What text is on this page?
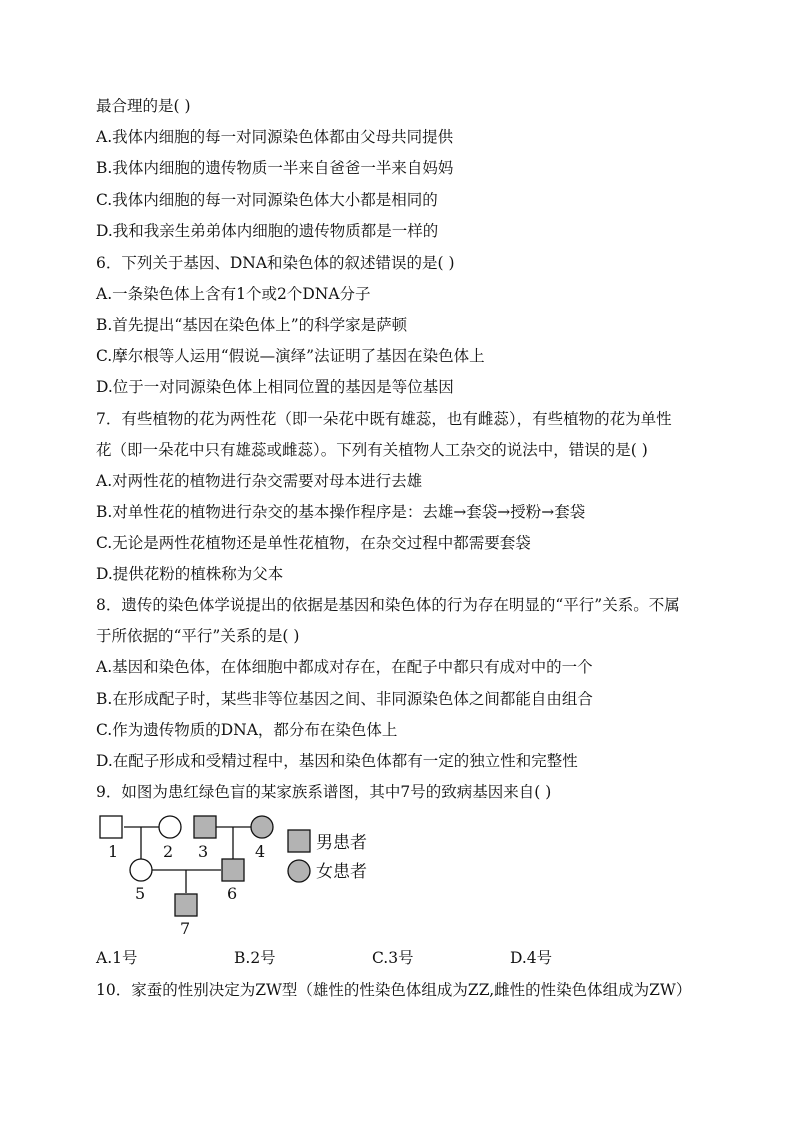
最合理的是( )
A.我体内细胞的每一对同源染色体都由父母共同提供
B.我体内细胞的遗传物质一半来自爸爸一半来自妈妈
C.我体内细胞的每一对同源染色体大小都是相同的
D.我和我亲生弟弟体内细胞的遗传物质都是一样的
6．下列关于基因、DNA和染色体的叙述错误的是( )
A.一条染色体上含有1个或2个DNA分子
B.首先提出“基因在染色体上”的科学家是萨顿
C.摩尔根等人运用“假说—演绎”法证明了基因在染色体上
D.位于一对同源染色体上相同位置的基因是等位基因
7．有些植物的花为两性花（即一朵花中既有雄蕊，也有雌蕊），有些植物的花为单性
花（即一朵花中只有雄蕊或雌蕊）。下列有关植物人工杂交的说法中，错误的是( )
A.对两性花的植物进行杂交需要对母本进行去雄
B.对单性花的植物进行杂交的基本操作程序是：去雄→套袋→授粉→套袋
C.无论是两性花植物还是单性花植物，在杂交过程中都需要套袋
D.提供花粉的植株称为父本
8．遗传的染色体学说提出的依据是基因和染色体的行为存在明显的“平行”关系。不属
于所依据的“平行”关系的是( )
A.基因和染色体，在体细胞中都成对存在，在配子中都只有成对中的一个
B.在形成配子时，某些非等位基因之间、非同源染色体之间都能自由组合
C.作为遗传物质的DNA，都分布在染色体上
D.在配子形成和受精过程中，基因和染色体都有一定的独立性和完整性
9．如图为患红绿色盲的某家族系谱图，其中7号的致病基因来自( )
1	2 3	4
5	6
7
男患者
女患者
A.1号	B.2号	C.3号	D.4号
10．家蚕的性别决定为ZW型（雄性的性染色体组成为ZZ,雌性的性染色体组成为ZW）
